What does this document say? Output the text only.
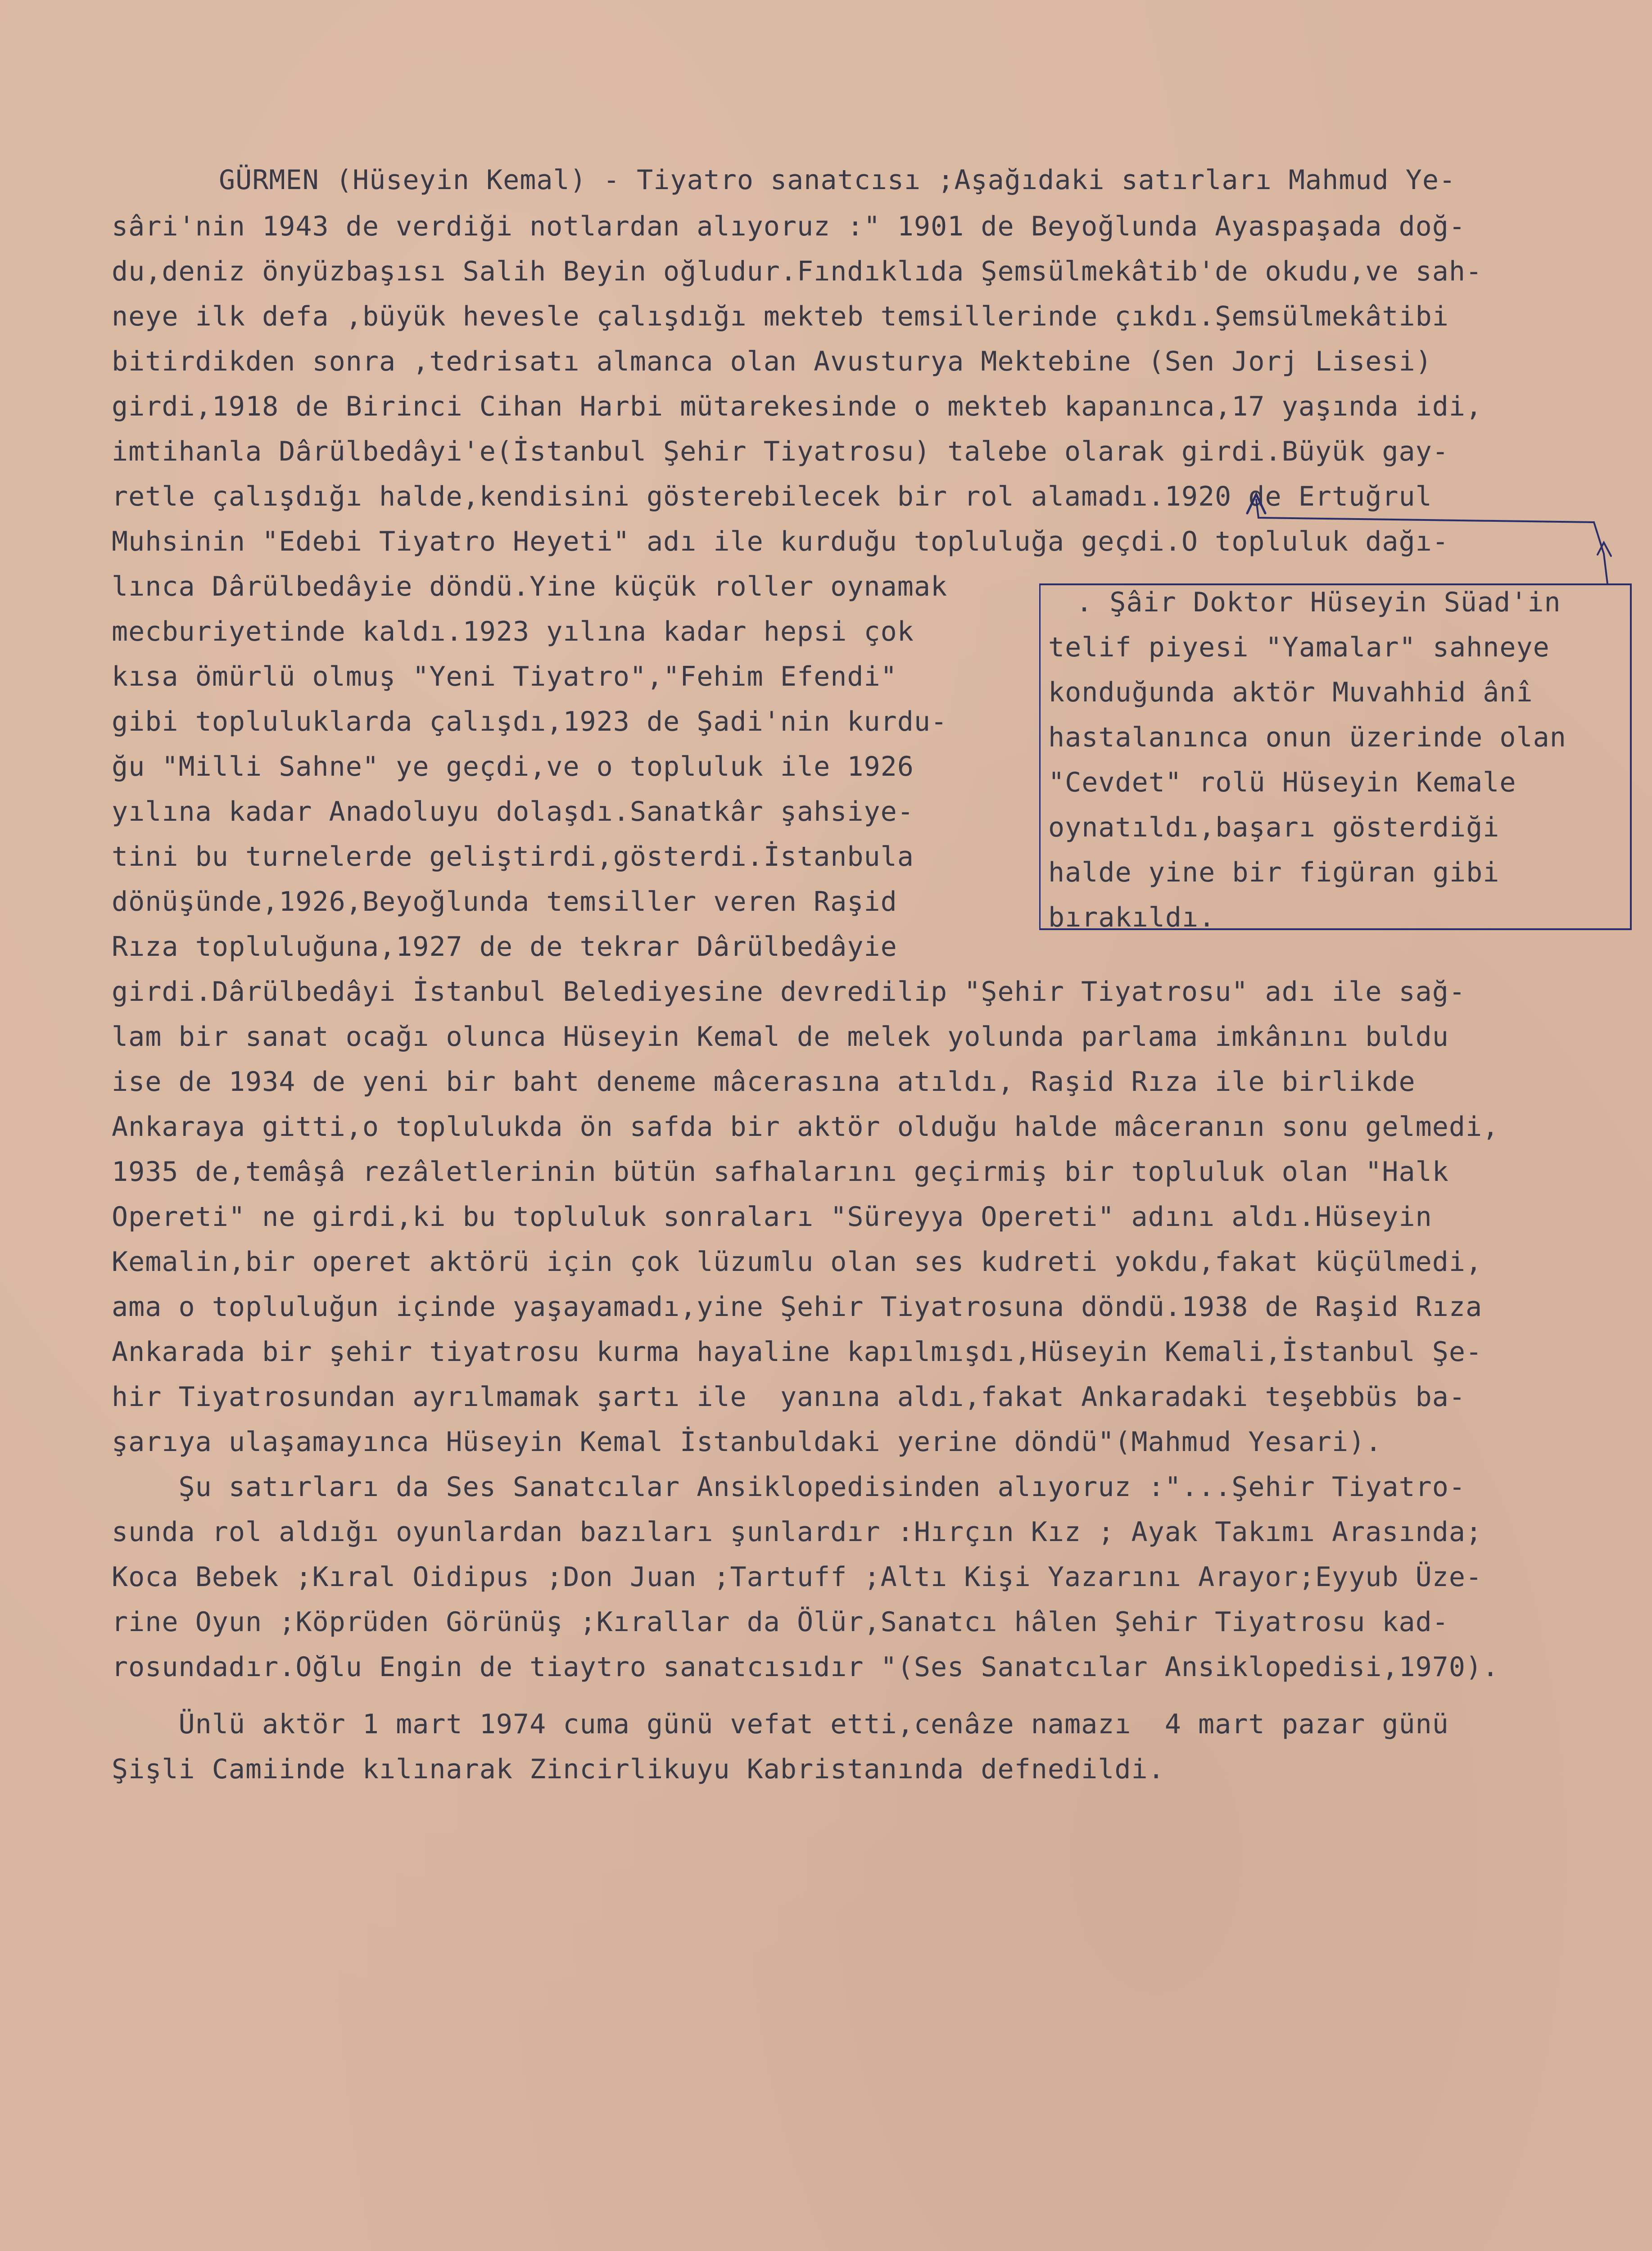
GÜRMEN (Hüseyin Kemal) - Tiyatro sanatcısı ;Aşağıdaki satırları Mahmud Ye-
sâri'nin 1943 de verdiği notlardan alıyoruz :" 1901 de Beyoğlunda Ayaspaşada doğ-
du,deniz önyüzbaşısı Salih Beyin oğludur.Fındıklıda Şemsülmekâtib'de okudu,ve sah-
neye ilk defa ,büyük hevesle çalışdığı mekteb temsillerinde çıkdı.Şemsülmekâtibi
bitirdikden sonra ,tedrisatı almanca olan Avusturya Mektebine (Sen Jorj Lisesi)
girdi,1918 de Birinci Cihan Harbi mütarekesinde o mekteb kapanınca,17 yaşında idi,
imtihanla Dârülbedâyi'e(İstanbul Şehir Tiyatrosu) talebe olarak girdi.Büyük gay-
retle çalışdığı halde,kendisini gösterebilecek bir rol alamadı.1920 de Ertuğrul
Muhsinin "Edebi Tiyatro Heyeti" adı ile kurduğu topluluğa geçdi.O topluluk dağı-
lınca Dârülbedâyie döndü.Yine küçük roller oynamak
mecburiyetinde kaldı.1923 yılına kadar hepsi çok
kısa ömürlü olmuş "Yeni Tiyatro","Fehim Efendi"
gibi topluluklarda çalışdı,1923 de Şadi'nin kurdu-
ğu "Milli Sahne" ye geçdi,ve o topluluk ile 1926
yılına kadar Anadoluyu dolaşdı.Sanatkâr şahsiye-
tini bu turnelerde geliştirdi,gösterdi.İstanbula
dönüşünde,1926,Beyoğlunda temsiller veren Raşid
Rıza topluluğuna,1927 de de tekrar Dârülbedâyie
. Şâir Doktor Hüseyin Süad'in
telif piyesi "Yamalar" sahneye
konduğunda aktör Muvahhid ânî
hastalanınca onun üzerinde olan
"Cevdet" rolü Hüseyin Kemale
oynatıldı,başarı gösterdiği
halde yine bir figüran gibi
bırakıldı.
girdi.Dârülbedâyi İstanbul Belediyesine devredilip "Şehir Tiyatrosu" adı ile sağ-
lam bir sanat ocağı olunca Hüseyin Kemal de melek yolunda parlama imkânını buldu
ise de 1934 de yeni bir baht deneme mâcerasına atıldı, Raşid Rıza ile birlikde
Ankaraya gitti,o toplulukda ön safda bir aktör olduğu halde mâceranın sonu gelmedi,
1935 de,temâşâ rezâletlerinin bütün safhalarını geçirmiş bir topluluk olan "Halk
Opereti" ne girdi,ki bu topluluk sonraları "Süreyya Opereti" adını aldı.Hüseyin
Kemalin,bir operet aktörü için çok lüzumlu olan ses kudreti yokdu,fakat küçülmedi,
ama o topluluğun içinde yaşayamadı,yine Şehir Tiyatrosuna döndü.1938 de Raşid Rıza
Ankarada bir şehir tiyatrosu kurma hayaline kapılmışdı,Hüseyin Kemali,İstanbul Şe-
hir Tiyatrosundan ayrılmamak şartı ile  yanına aldı,fakat Ankaradaki teşebbüs ba-
şarıya ulaşamayınca Hüseyin Kemal İstanbuldaki yerine döndü"(Mahmud Yesari).
Şu satırları da Ses Sanatcılar Ansiklopedisinden alıyoruz :"...Şehir Tiyatro-
sunda rol aldığı oyunlardan bazıları şunlardır :Hırçın Kız ; Ayak Takımı Arasında;
Koca Bebek ;Kıral Oidipus ;Don Juan ;Tartuff ;Altı Kişi Yazarını Arayor;Eyyub Üze-
rine Oyun ;Köprüden Görünüş ;Kırallar da Ölür,Sanatcı hâlen Şehir Tiyatrosu kad-
rosundadır.Oğlu Engin de tiaytro sanatcısıdır "(Ses Sanatcılar Ansiklopedisi,1970).
Ünlü aktör 1 mart 1974 cuma günü vefat etti,cenâze namazı  4 mart pazar günü
Şişli Camiinde kılınarak Zincirlikuyu Kabristanında defnedildi.
